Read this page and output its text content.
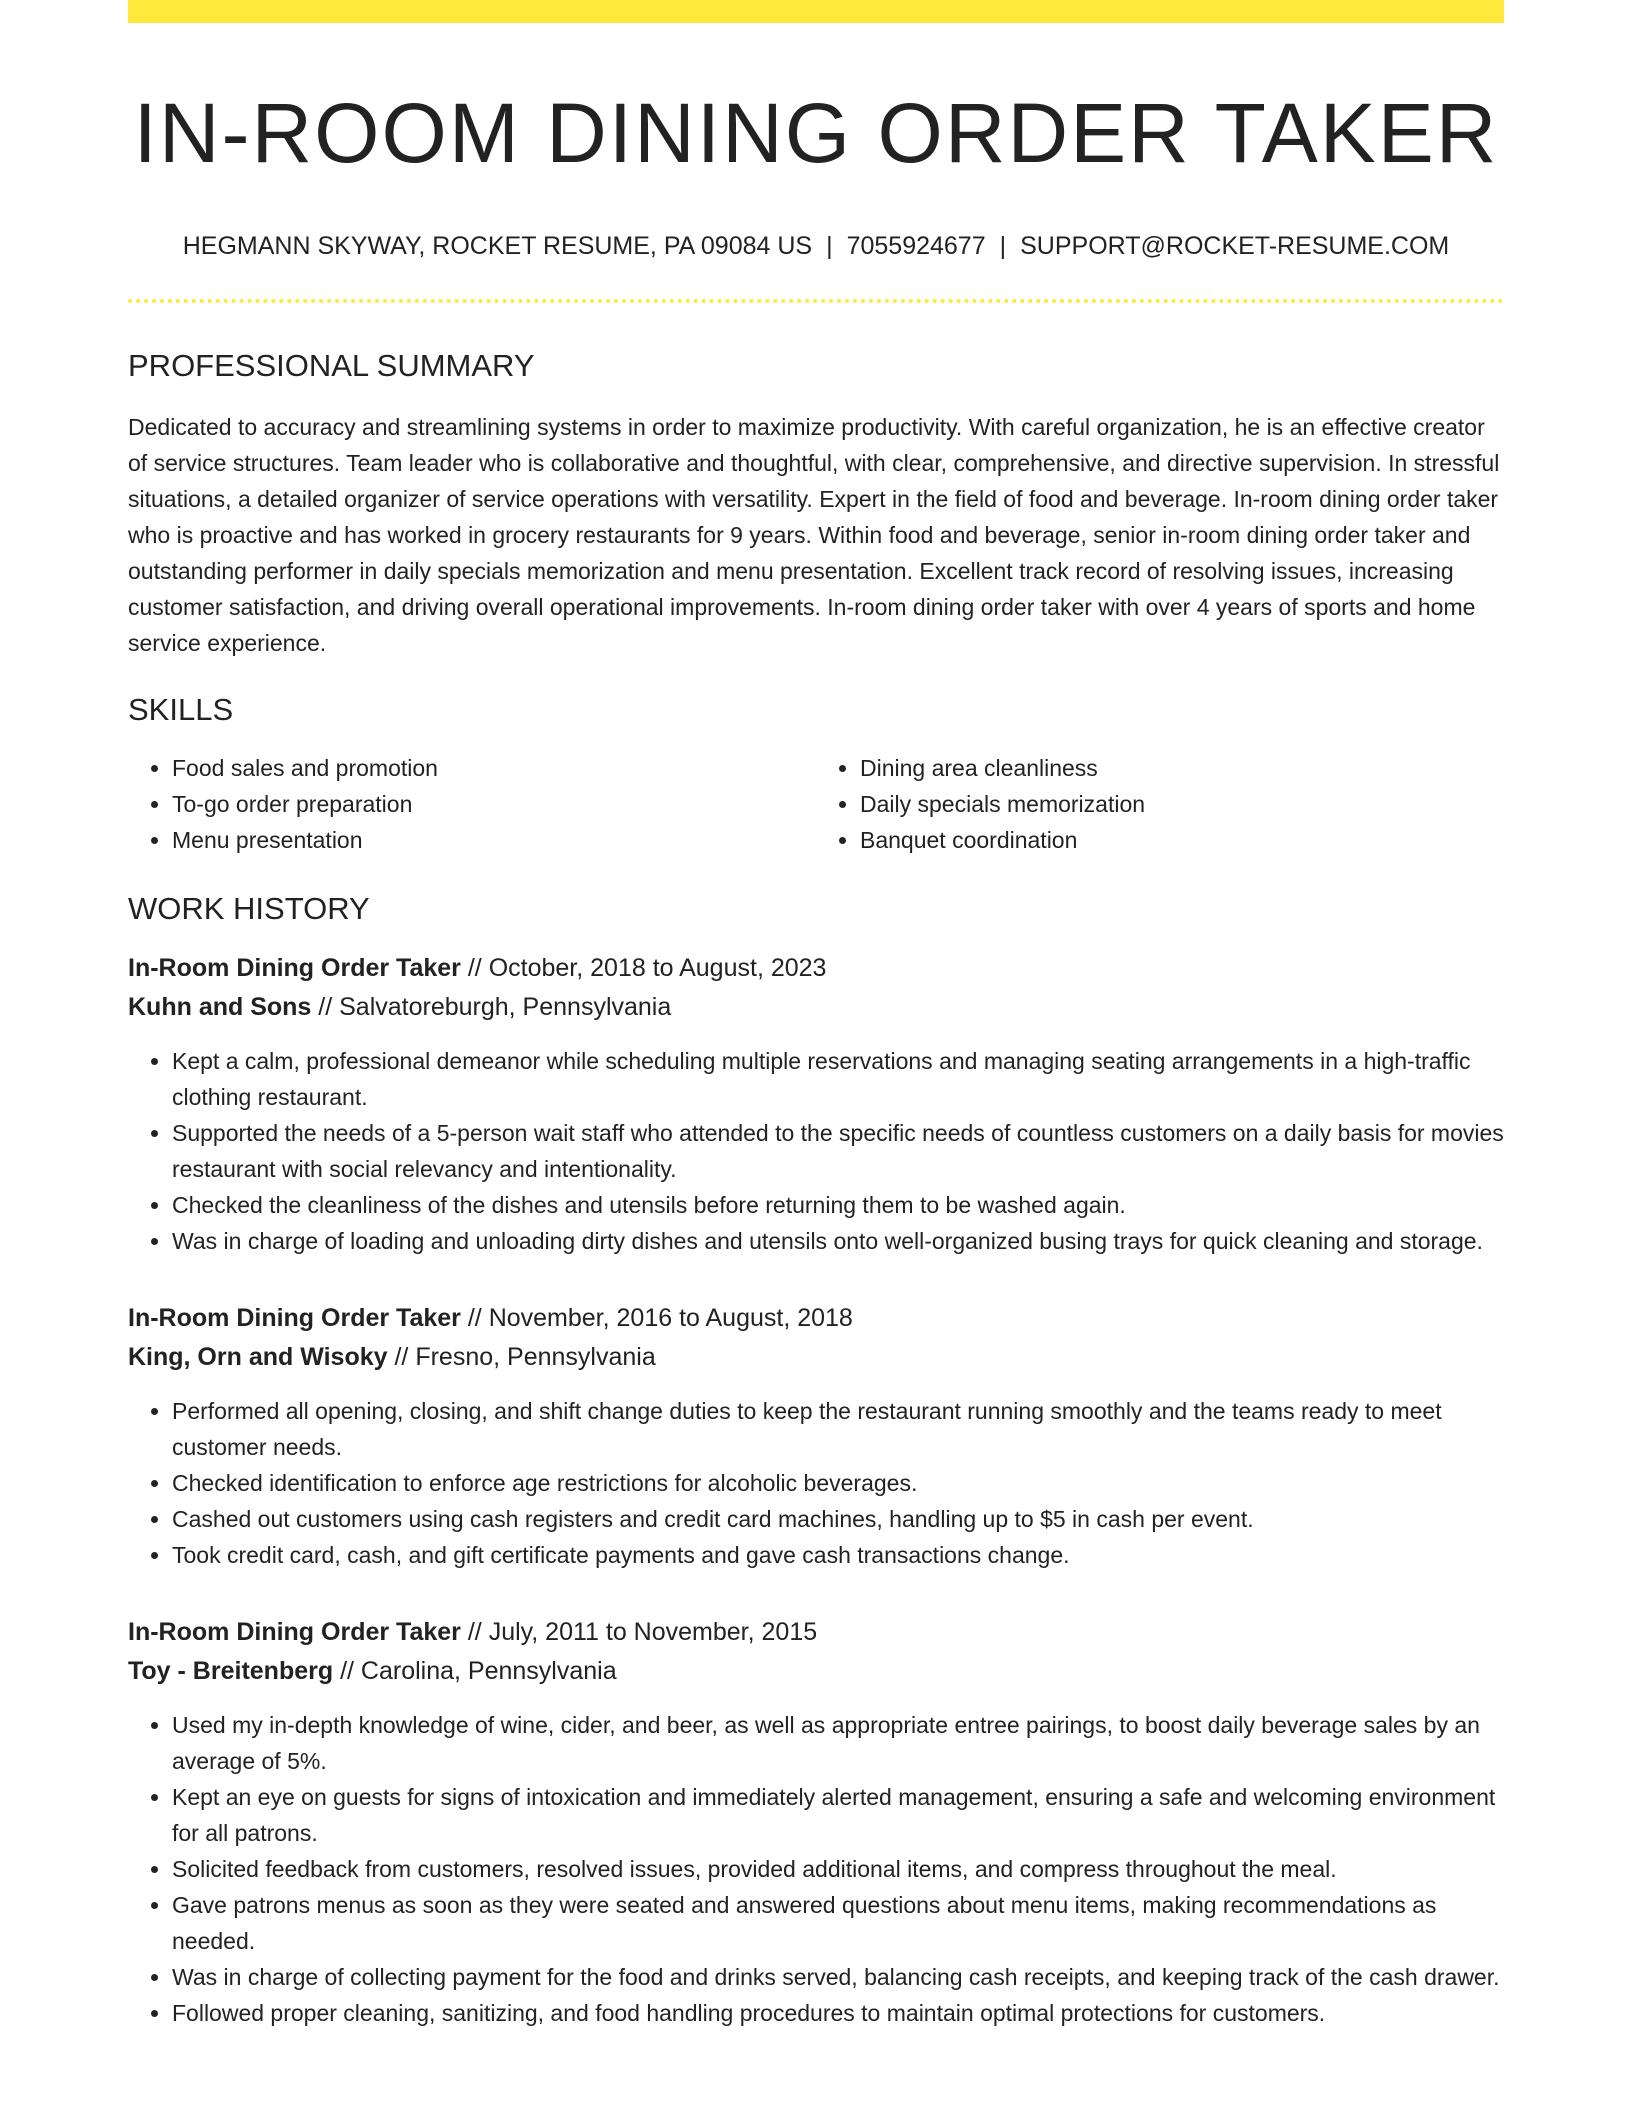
IN-ROOM DINING ORDER TAKER
HEGMANN SKYWAY, ROCKET RESUME, PA 09084 US | 7055924677 | SUPPORT@ROCKET-RESUME.COM
PROFESSIONAL SUMMARY

Dedicated to accuracy and streamlining systems in order to maximize productivity. With careful organization, he is an effective creator of service structures. Team leader who is collaborative and thoughtful, with clear, comprehensive, and directive supervision. In stressful situations, a detailed organizer of service operations with versatility. Expert in the field of food and beverage. In-room dining order taker who is proactive and has worked in grocery restaurants for 9 years. Within food and beverage, senior in-room dining order taker and outstanding performer in daily specials memorization and menu presentation. Excellent track record of resolving issues, increasing customer satisfaction, and driving overall operational improvements. In-room dining order taker with over 4 years of sports and home service experience.

SKILLS
• Food sales and promotion
• To-go order preparation
• Menu presentation
• Dining area cleanliness
• Daily specials memorization
• Banquet coordination
WORK HISTORY
In-Room Dining Order Taker // October, 2018 to August, 2023
Kuhn and Sons // Salvatoreburgh, Pennsylvania
• Kept a calm, professional demeanor while scheduling multiple reservations and managing seating arrangements in a high-traffic clothing restaurant.
• Supported the needs of a 5-person wait staff who attended to the specific needs of countless customers on a daily basis for movies restaurant with social relevancy and intentionality.
• Checked the cleanliness of the dishes and utensils before returning them to be washed again.
• Was in charge of loading and unloading dirty dishes and utensils onto well-organized busing trays for quick cleaning and storage.
In-Room Dining Order Taker // November, 2016 to August, 2018
King, Orn and Wisoky // Fresno, Pennsylvania
• Performed all opening, closing, and shift change duties to keep the restaurant running smoothly and the teams ready to meet customer needs.
• Checked identification to enforce age restrictions for alcoholic beverages.
• Cashed out customers using cash registers and credit card machines, handling up to $5 in cash per event.
• Took credit card, cash, and gift certificate payments and gave cash transactions change.
In-Room Dining Order Taker // July, 2011 to November, 2015
Toy - Breitenberg // Carolina, Pennsylvania
• Used my in-depth knowledge of wine, cider, and beer, as well as appropriate entree pairings, to boost daily beverage sales by an average of 5%.
• Kept an eye on guests for signs of intoxication and immediately alerted management, ensuring a safe and welcoming environment for all patrons.
• Solicited feedback from customers, resolved issues, provided additional items, and compress throughout the meal.
• Gave patrons menus as soon as they were seated and answered questions about menu items, making recommendations as needed.
• Was in charge of collecting payment for the food and drinks served, balancing cash receipts, and keeping track of the cash drawer.
• Followed proper cleaning, sanitizing, and food handling procedures to maintain optimal protections for customers.
